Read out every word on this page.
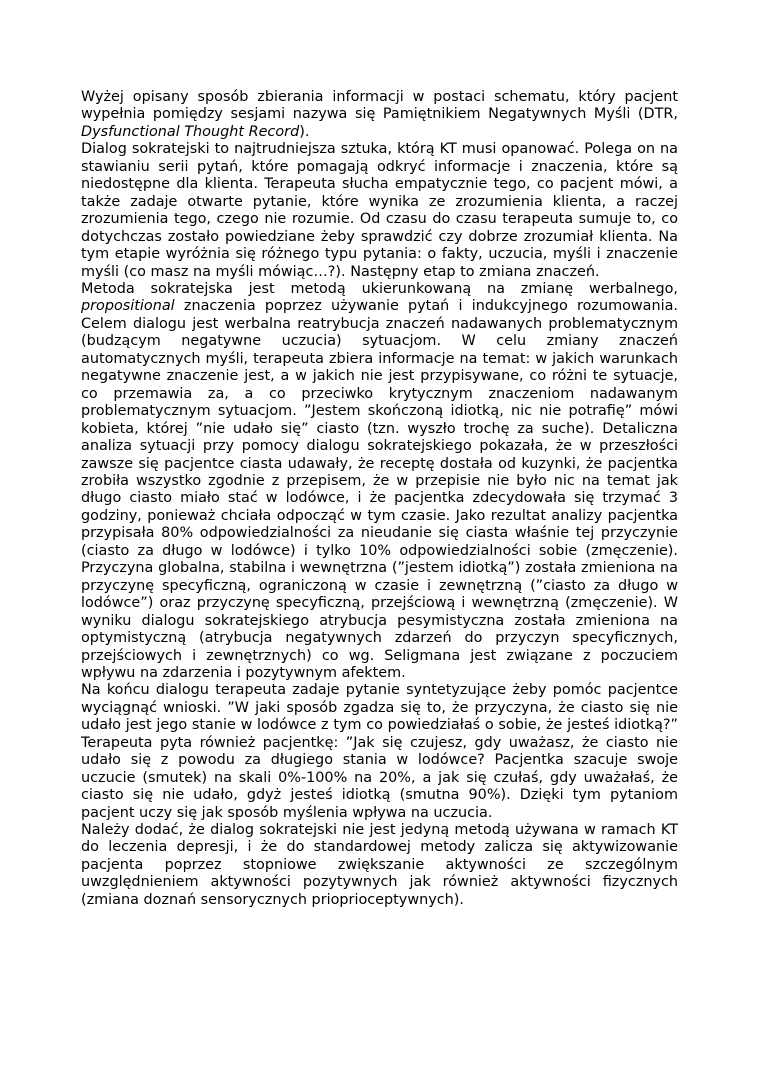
Wyżej opisany sposób zbierania informacji w postaci schematu, który pacjent wypełnia pomiędzy sesjami nazywa się Pamiętnikiem Negatywnych Myśli (DTR, Dysfunctional Thought Record).

Dialog sokratejski to najtrudniejsza sztuka, którą KT musi opanować. Polega on na stawianiu serii pytań, które pomagają odkryć informacje i znaczenia, które są niedostępne dla klienta. Terapeuta słucha empatycznie tego, co pacjent mówi, a także zadaje otwarte pytanie, które wynika ze zrozumienia klienta, a raczej zrozumienia tego, czego nie rozumie. Od czasu do czasu terapeuta sumuje to, co dotychczas zostało powiedziane żeby sprawdzić czy dobrze zrozumiał klienta. Na tym etapie wyróżnia się różnego typu pytania: o fakty, uczucia, myśli i znaczenie myśli (co masz na myśli mówiąc…?). Następny etap to zmiana znaczeń.

Metoda sokratejska jest metodą ukierunkowaną na zmianę werbalnego, propositional znaczenia poprzez używanie pytań i indukcyjnego rozumowania. Celem dialogu jest werbalna reatrybucja znaczeń nadawanych problematycznym (budzącym negatywne uczucia) sytuacjom. W celu zmiany znaczeń automatycznych myśli, terapeuta zbiera informacje na temat: w jakich warunkach negatywne znaczenie jest, a w jakich nie jest przypisywane, co różni te sytuacje, co przemawia za, a co przeciwko krytycznym znaczeniom nadawanym problematycznym sytuacjom. ”Jestem skończoną idiotką, nic nie potrafię” mówi kobieta, której ”nie udało się” ciasto (tzn. wyszło trochę za suche). Detaliczna analiza sytuacji przy pomocy dialogu sokratejskiego pokazała, że w przeszłości zawsze się pacjentce ciasta udawały, że receptę dostała od kuzynki, że pacjentka zrobiła wszystko zgodnie z przepisem, że w przepisie nie było nic na temat jak długo ciasto miało stać w lodówce, i że pacjentka zdecydowała się trzymać 3 godziny, ponieważ chciała odpocząć w tym czasie. Jako rezultat analizy pacjentka przypisała 80% odpowiedzialności za nieudanie się ciasta właśnie tej przyczynie (ciasto za długo w lodówce) i tylko 10% odpowiedzialności sobie (zmęczenie). Przyczyna globalna, stabilna i wewnętrzna (”jestem idiotką”) została zmieniona na przyczynę specyficzną, ograniczoną w czasie i zewnętrzną (”ciasto za długo w lodówce”) oraz przyczynę specyficzną, przejściową i wewnętrzną (zmęczenie). W wyniku dialogu sokratejskiego atrybucja pesymistyczna została zmieniona na optymistyczną (atrybucja negatywnych zdarzeń do przyczyn specyficznych, przejściowych i zewnętrznych) co wg. Seligmana jest związane z poczuciem wpływu na zdarzenia i pozytywnym afektem.

Na końcu dialogu terapeuta zadaje pytanie syntetyzujące żeby pomóc pacjentce wyciągnąć wnioski. ”W jaki sposób zgadza się to, że przyczyna, że ciasto się nie udało jest jego stanie w lodówce z tym co powiedziałaś o sobie, że jesteś idiotką?” Terapeuta pyta również pacjentkę: ”Jak się czujesz, gdy uważasz, że ciasto nie udało się z powodu za długiego stania w lodówce? Pacjentka szacuje swoje uczucie (smutek) na skali 0%-100% na 20%, a jak się czułaś, gdy uważałaś, że ciasto się nie udało, gdyż jesteś idiotką (smutna 90%). Dzięki tym pytaniom pacjent uczy się jak sposób myślenia wpływa na uczucia.

Należy dodać, że dialog sokratejski nie jest jedyną metodą używana w ramach KT do leczenia depresji, i że do standardowej metody zalicza się aktywizowanie pacjenta poprzez stopniowe zwiększanie aktywności ze szczególnym uwzględnieniem aktywności pozytywnych jak również aktywności fizycznych (zmiana doznań sensorycznych prioprioceptywnych).
